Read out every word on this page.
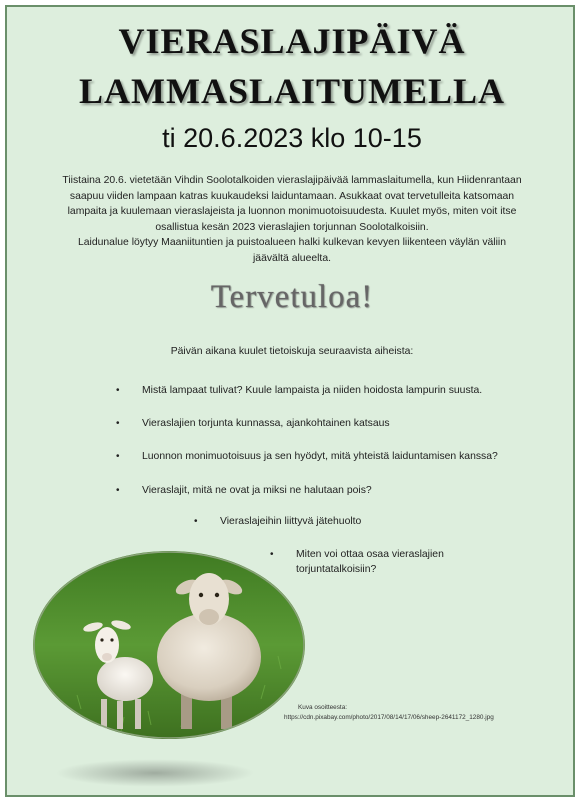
VIERASLAJIPÄIVÄ
LAMMASLAITUMELLA
ti 20.6.2023 klo 10-15
Tiistaina 20.6. vietetään Vihdin Soolotalkoiden vieraslajipäivää lammaslaitumella, kun Hiidenrantaan
saapuu viiden lampaan katras kuukaudeksi laiduntamaan. Asukkaat ovat tervetulleita katsomaan
lampaita ja kuulemaan vieraslajeista ja luonnon monimuotoisuudesta. Kuulet myös, miten voit itse
osallistua kesän 2023 vieraslajien torjunnan Soolotalkoisiin.
Laidunalue löytyy Maaniituntien ja puistoalueen halki kulkevan kevyen liikenteen väylän väliin
jäävältä alueelta.
Tervetuloa!
Päivän aikana kuulet tietoiskuja seuraavista aiheista:
• Mistä lampaat tulivat? Kuule lampaista ja niiden hoidosta lampurin suusta.
• Vieraslajien torjunta kunnassa, ajankohtainen katsaus
• Luonnon monimuotoisuus ja sen hyödyt, mitä yhteistä laiduntamisen kanssa?
• Vieraslajit, mitä ne ovat ja miksi ne halutaan pois?
• Vieraslajeihin liittyvä jätehuolto
• Miten voi ottaa osaa vieraslajien torjuntatalkoisiin?
Kuva osoitteesta:
https://cdn.pixabay.com/photo/2017/08/14/17/06/sheep-2641172_1280.jpg
